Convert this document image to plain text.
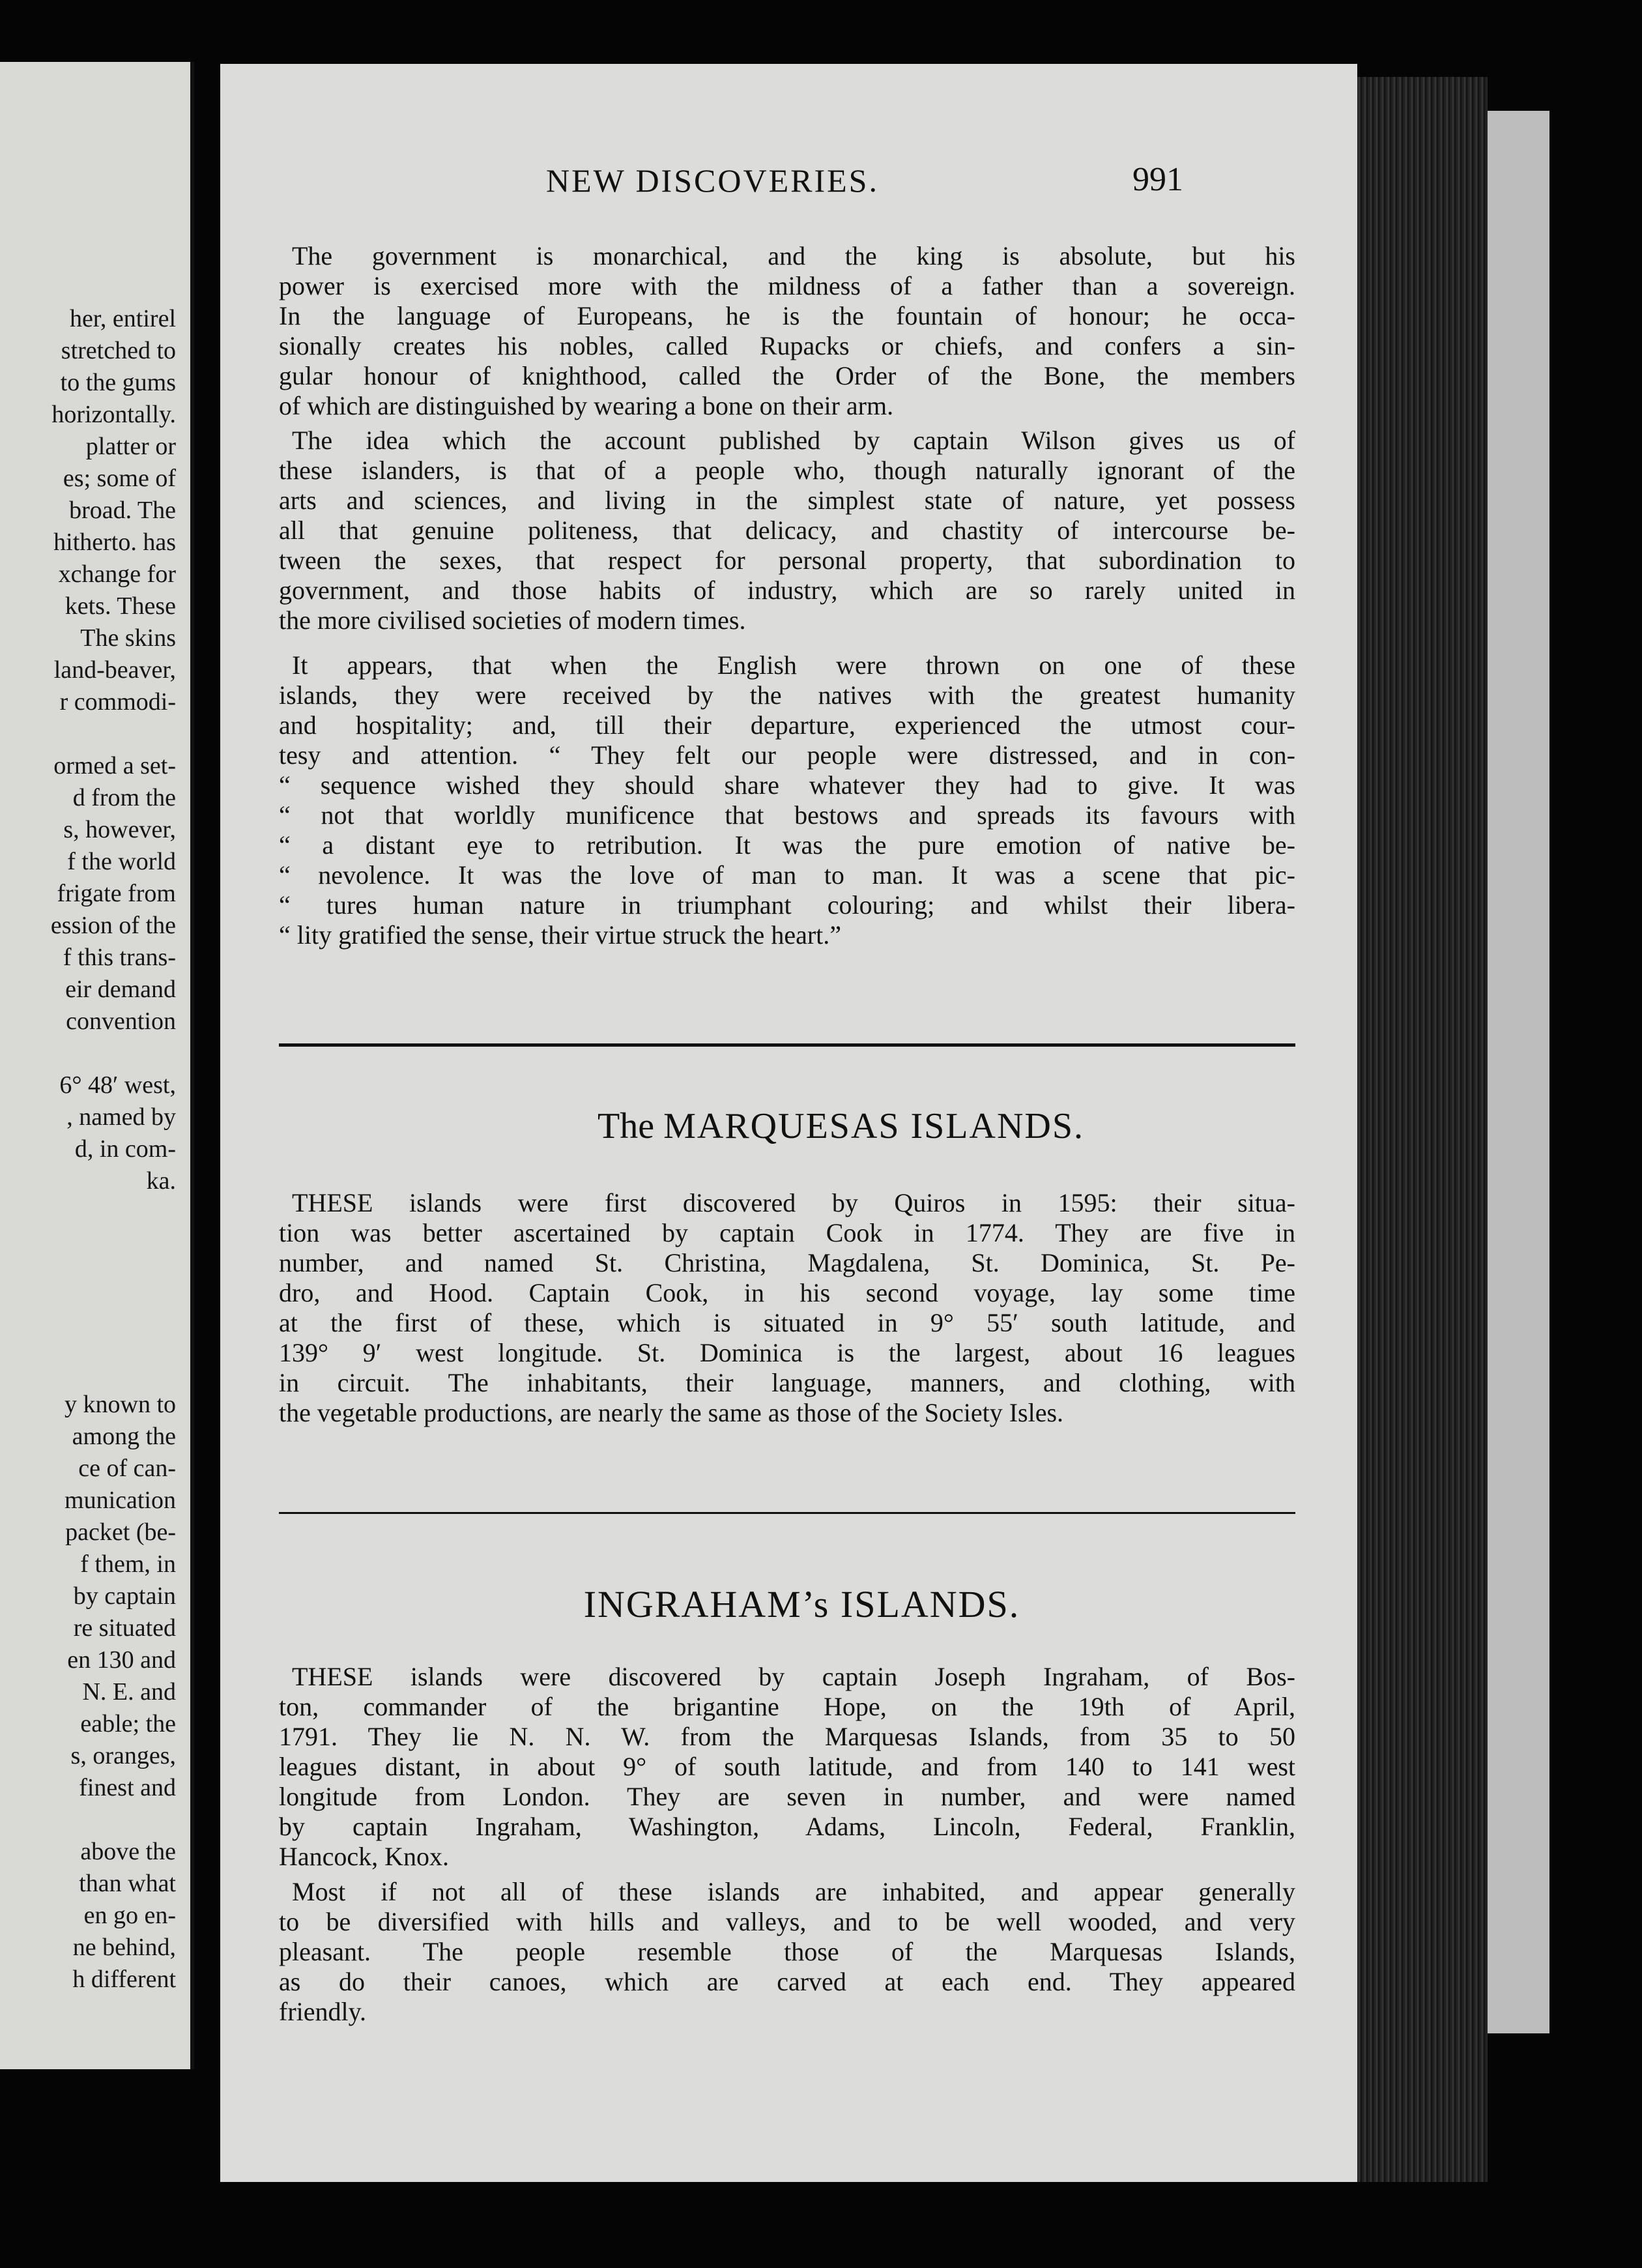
her, entirel
stretched to
to the gums
horizontally.
platter or
es; some of
broad. The
hitherto. has
xchange for
kets. These
The skins
land-beaver,
r commodi-
ormed a set-
d from the
s, however,
f the world
frigate from
ession of the
f this trans-
eir demand
convention
6° 48′ west,
, named by
d, in com-
ka.
y known to
among the
ce of can-
munication
packet (be-
f them, in
by captain
re situated
en 130 and
N. E. and
eable; the
s, oranges,
finest and
above the
than what
en go en-
ne behind,
h different
NEW DISCOVERIES.	991
The government is monarchical, and the king is absolute, but his
power is exercised more with the mildness of a father than a sovereign.
In the language of Europeans, he is the fountain of honour; he occa-
sionally creates his nobles, called Rupacks or chiefs, and confers a sin-
gular honour of knighthood, called the Order of the Bone, the members
of which are distinguished by wearing a bone on their arm.
The idea which the account published by captain Wilson gives us of
these islanders, is that of a people who, though naturally ignorant of the
arts and sciences, and living in the simplest state of nature, yet possess
all that genuine politeness, that delicacy, and chastity of intercourse be-
tween the sexes, that respect for personal property, that subordination to
government, and those habits of industry, which are so rarely united in
the more civilised societies of modern times.
It appears, that when the English were thrown on one of these
islands, they were received by the natives with the greatest humanity
and hospitality; and, till their departure, experienced the utmost cour-
tesy and attention. “ They felt our people were distressed, and in con-
“ sequence wished they should share whatever they had to give. It was
“ not that worldly munificence that bestows and spreads its favours with
“ a distant eye to retribution. It was the pure emotion of native be-
“ nevolence. It was the love of man to man. It was a scene that pic-
“ tures human nature in triumphant colouring; and whilst their libera-
“ lity gratified the sense, their virtue struck the heart.”
The MARQUESAS ISLANDS.
THESE islands were first discovered by Quiros in 1595: their situa-
tion was better ascertained by captain Cook in 1774. They are five in
number, and named St. Christina, Magdalena, St. Dominica, St. Pe-
dro, and Hood. Captain Cook, in his second voyage, lay some time
at the first of these, which is situated in 9° 55′ south latitude, and
139° 9′ west longitude. St. Dominica is the largest, about 16 leagues
in circuit. The inhabitants, their language, manners, and clothing, with
the vegetable productions, are nearly the same as those of the Society Isles.
INGRAHAM’s ISLANDS.
THESE islands were discovered by captain Joseph Ingraham, of Bos-
ton, commander of the brigantine Hope, on the 19th of April,
1791. They lie N. N. W. from the Marquesas Islands, from 35 to 50
leagues distant, in about 9° of south latitude, and from 140 to 141 west
longitude from London. They are seven in number, and were named
by captain Ingraham, Washington, Adams, Lincoln, Federal, Franklin,
Hancock, Knox.
Most if not all of these islands are inhabited, and appear generally
to be diversified with hills and valleys, and to be well wooded, and very
pleasant. The people resemble those of the Marquesas Islands,
as do their canoes, which are carved at each end. They appeared
friendly.
